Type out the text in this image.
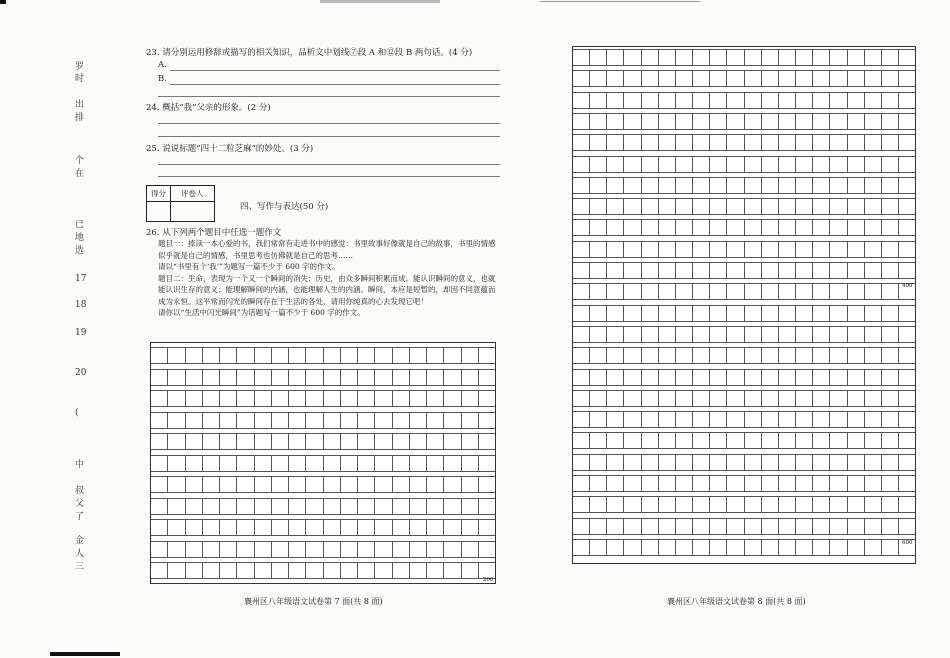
罗
时
出
排
个
在
已
地
选
17
18
19
20
(
中
叔
父
了
金
人
三
23. 请分别运用修辞或描写的相关知识，品析文中划线⑦段 A 和⑫段 B 两句话。(4 分)
A.
B.
24. 概括“我”父亲的形象。(2 分)
25. 说说标题“四十二粒芝麻”的妙处。(3 分)
得分	评卷人

四、写作与表达(50 分)
26. 从下列两个题目中任选一题作文

题目一：捧读一本心爱的书，我们常常有走进书中的感觉：书里故事好像就是自己的故事，书里的情感似乎就是自己的情感，书里思考也仿佛就是自己的思考……

请以“书里有个‘我’”为题写一篇不少于 600 字的作文。

题目二：生命，表现为一个又一个瞬间的消失；历史，由众多瞬间积累而成。能认识瞬间的意义，也就能认识生存的意义；能理解瞬间的内涵，也能理解人生的内涵。瞬间，本应是短暂的，却因不同意蕴而成为永恒。这平常而闪光的瞬间存在于生活的各处，请用你纯真的心去发现它吧！

请你以“生活中闪光瞬间”为话题写一篇不少于 600 字的作文。

200
400
600
襄州区八年级语文试卷第 7 面(共 8 面)	襄州区八年级语文试卷第 8 面(共 8 面)
